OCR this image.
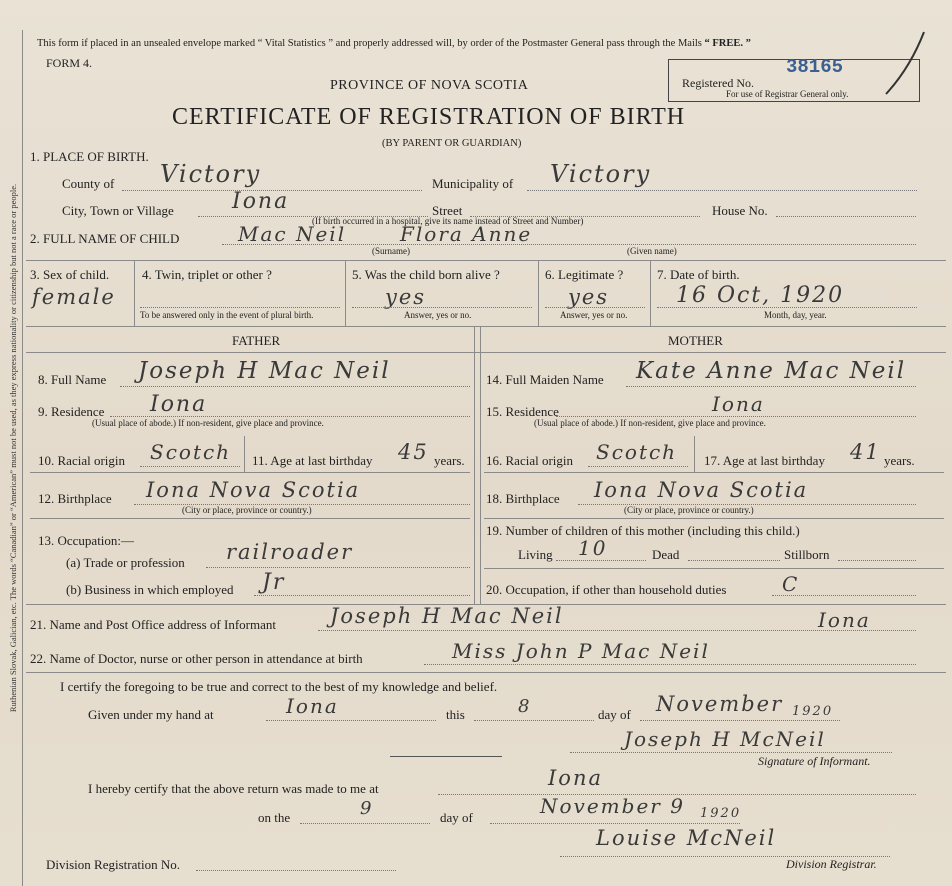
Ruthenian Slovak, Galician, etc. The words “Canadian” or “American” must not be used, as they express nationality or citizenship but not a race or people.
This form if placed in an unsealed envelope marked “ Vital Statistics ” and properly addressed will, by order of the Postmaster General pass through the Mails “ FREE. ”
FORM 4.
PROVINCE OF NOVA SCOTIA
CERTIFICATE OF REGISTRATION OF BIRTH
(BY PARENT OR GUARDIAN)
Registered No.
38165
For use of Registrar General only.
1. PLACE OF BIRTH.
County of Victory	Municipality of Victory
City, Town or Village	Iona	Street	House No.
(If birth occurred in a hospital, give its name instead of Street and Number)
2. FULL NAME OF CHILD	Mac Neil	Flora Anne
(Surname)	(Given name)
3. Sex of child.
female
4. Twin, triplet or other ?
To be answered only in the event of plural birth.
5. Was the child born alive ?
yes
Answer, yes or no.
6. Legitimate ?
yes
Answer, yes or no.
7. Date of birth.
16 Oct, 1920
Month, day, year.
FATHER	MOTHER
8. Full Name Joseph H Mac Neil
9. Residence Iona
(Usual place of abode.) If non-resident, give place and province.
10. Racial origin Scotch 11. Age at last birthday 45 years.
12. Birthplace Iona Nova Scotia
(City or place, province or country.)
13. Occupation:—
(a) Trade or profession railroader
(b) Business in which employed Jr
14. Full Maiden Name Kate Anne Mac Neil
15. Residence	Iona
(Usual place of abode.) If non-resident, give place and province.
16. Racial origin Scotch 17. Age at last birthday 41 years.
18. Birthplace Iona Nova Scotia
(City or place, province or country.)
19. Number of children of this mother (including this child.)
Living 10	Dead	Stillborn
20. Occupation, if other than household duties	C
21. Name and Post Office address of Informant	Joseph H Mac Neil	Iona
22. Name of Doctor, nurse or other person in attendance at birth	Miss John P Mac Neil
I certify the foregoing to be true and correct to the best of my knowledge and belief.
Given under my hand at	Iona	this	8	day of November 1920
Joseph H McNeil
Signature of Informant.
I hereby certify that the above return was made to me at	Iona
on the	9	day of	November 9 1920
Louise McNeil
Division Registration No.	Division Registrar.
